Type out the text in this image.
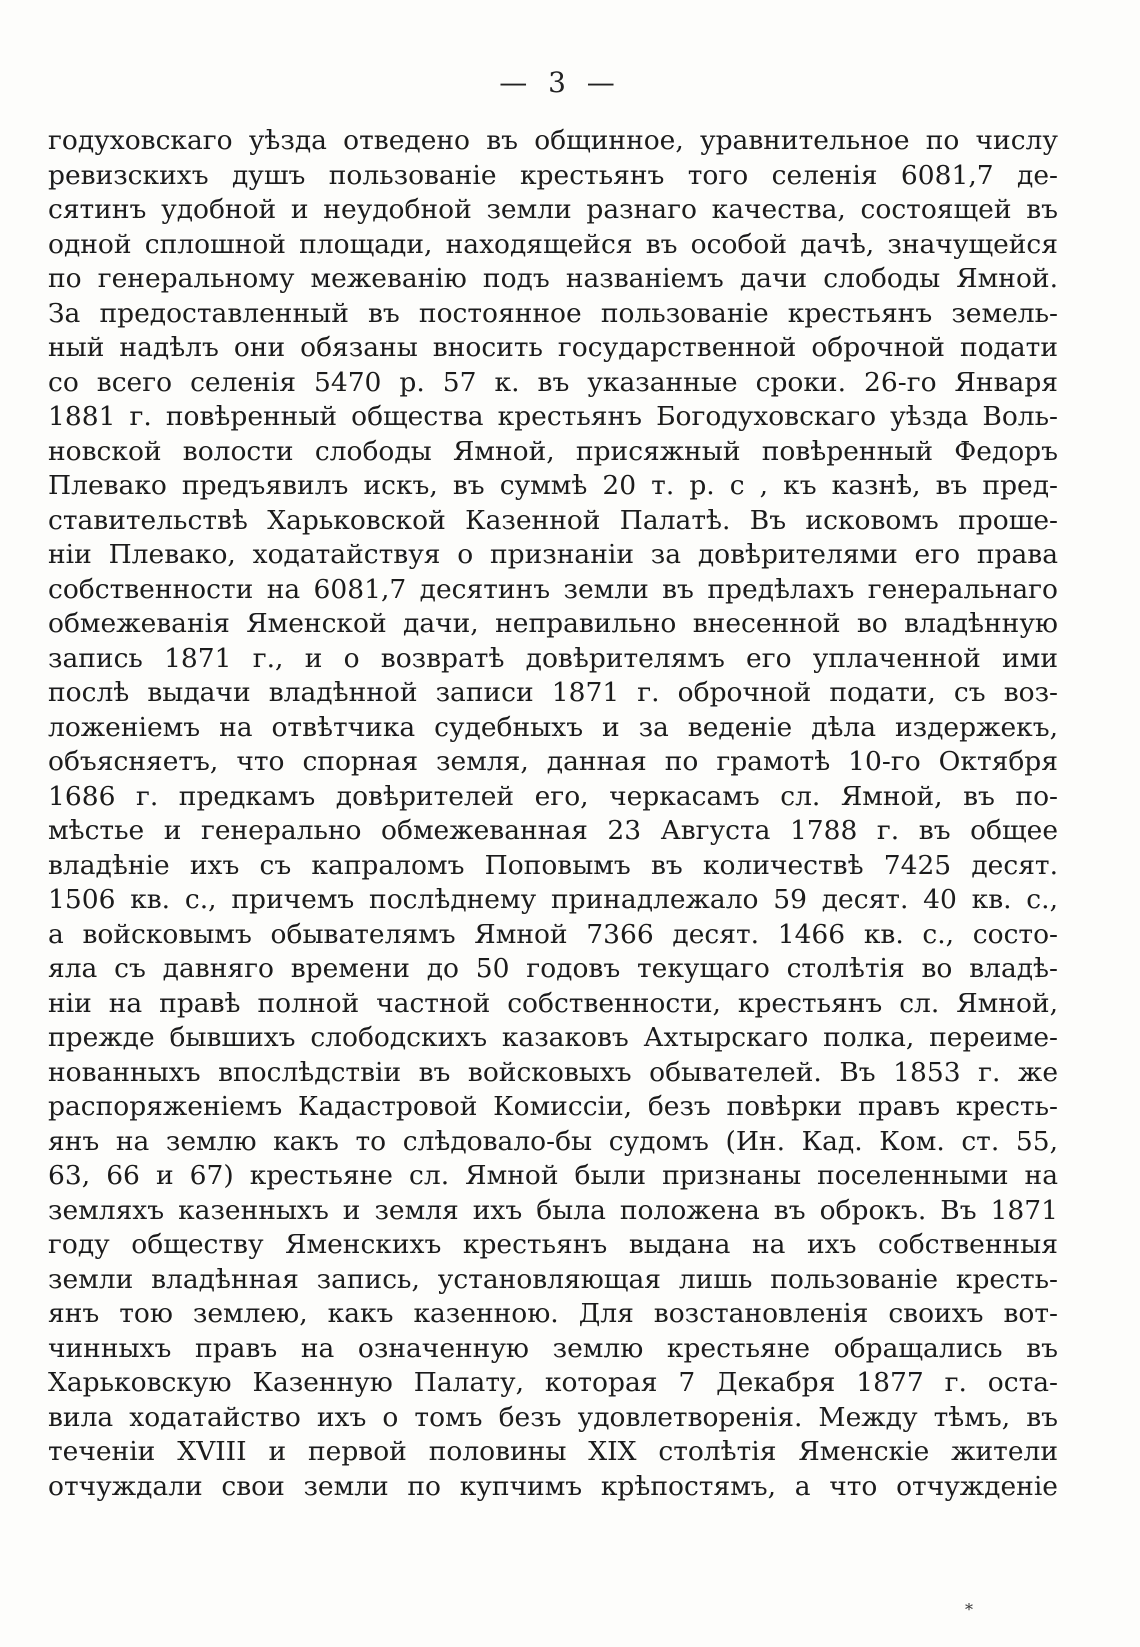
— 3 —
годуховскаго уѣзда отведено въ общинное, уравнительное по числу
ревизскихъ душъ пользованіе крестьянъ того селенія 6081,7 де-
сятинъ удобной и неудобной земли разнаго качества, состоящей въ
одной сплошной площади, находящейся въ особой дачѣ, значущейся
по генеральному межеванію подъ названіемъ дачи слободы Ямной.
За предоставленный въ постоянное пользованіе крестьянъ земель-
ный надѣлъ они обязаны вносить государственной оброчной подати
со всего селенія 5470 р. 57 к. въ указанные сроки. 26-го Января
1881 г. повѣренный общества крестьянъ Богодуховскаго уѣзда Воль-
новской волости слободы Ямной, присяжный повѣренный Федоръ
Плевако предъявилъ искъ, въ суммѣ 20 т. р. с , къ казнѣ, въ пред-
ставительствѣ Харьковской Казенной Палатѣ. Въ исковомъ проше-
ніи Плевако, ходатайствуя о признаніи за довѣрителями его права
собственности на 6081,7 десятинъ земли въ предѣлахъ генеральнаго
обмежеванія Яменской дачи, неправильно внесенной во владѣнную
запись 1871 г., и о возвратѣ довѣрителямъ его уплаченной ими
послѣ выдачи владѣнной записи 1871 г. оброчной подати, съ воз-
ложеніемъ на отвѣтчика судебныхъ и за веденіе дѣла издержекъ,
объясняетъ, что спорная земля, данная по грамотѣ 10-го Октября
1686 г. предкамъ довѣрителей его, черкасамъ сл. Ямной, въ по-
мѣстье и генерально обмежеванная 23 Августа 1788 г. въ общее
владѣніе ихъ съ капраломъ Поповымъ въ количествѣ 7425 десят.
1506 кв. с., причемъ послѣднему принадлежало 59 десят. 40 кв. с.,
а войсковымъ обывателямъ Ямной 7366 десят. 1466 кв. с., состо-
яла съ давняго времени до 50 годовъ текущаго столѣтія во владѣ-
ніи на правѣ полной частной собственности, крестьянъ сл. Ямной,
прежде бывшихъ слободскихъ казаковъ Ахтырскаго полка, переиме-
нованныхъ впослѣдствіи въ войсковыхъ обывателей. Въ 1853 г. же
распоряженіемъ Кадастровой Комиссіи, безъ повѣрки правъ кресть-
янъ на землю какъ то слѣдовало-бы судомъ (Ин. Кад. Ком. ст. 55,
63, 66 и 67) крестьяне сл. Ямной были признаны поселенными на
земляхъ казенныхъ и земля ихъ была положена въ оброкъ. Въ 1871
году обществу Яменскихъ крестьянъ выдана на ихъ собственныя
земли владѣнная запись, установляющая лишь пользованіе кресть-
янъ тою землею, какъ казенною. Для возстановленія своихъ вот-
чинныхъ правъ на означенную землю крестьяне обращались въ
Харьковскую Казенную Палату, которая 7 Декабря 1877 г. оста-
вила ходатайство ихъ о томъ безъ удовлетворенія. Между тѣмъ, въ
теченіи XVIII и первой половины XIX столѣтія Яменскіе жители
отчуждали свои земли по купчимъ крѣпостямъ, а что отчужденіе
*
